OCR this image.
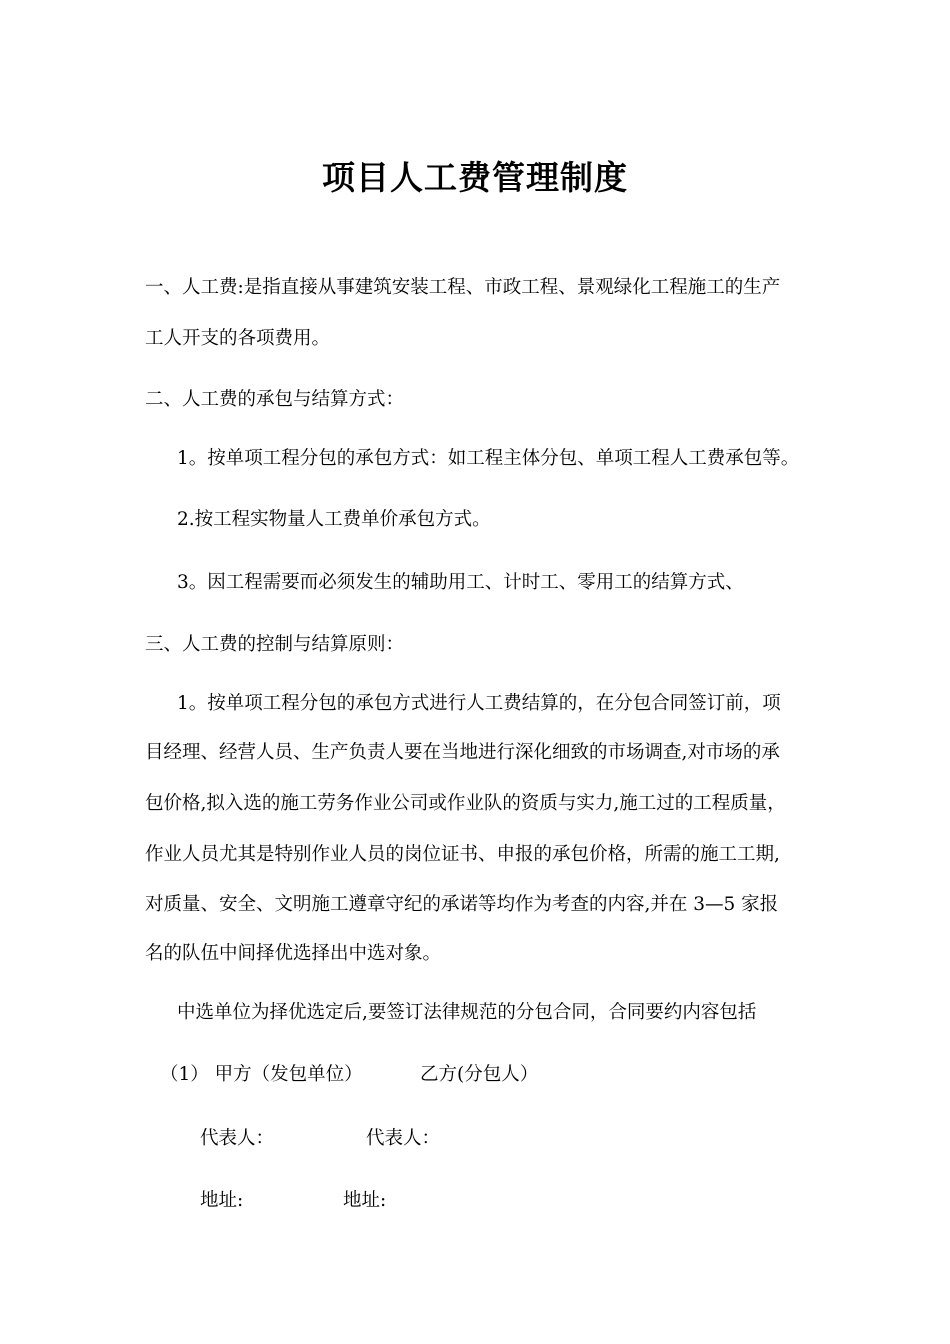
项目人工费管理制度
一、人工费:是指直接从事建筑安装工程、市政工程、景观绿化工程施工的生产
工人开支的各项费用。
二、人工费的承包与结算方式：
1。按单项工程分包的承包方式：如工程主体分包、单项工程人工费承包等。
2.按工程实物量人工费单价承包方式。
3。因工程需要而必须发生的辅助用工、计时工、零用工的结算方式、
三、人工费的控制与结算原则：
1。按单项工程分包的承包方式进行人工费结算的，在分包合同签订前，项
目经理、经营人员、生产负责人要在当地进行深化细致的市场调查,对市场的承
包价格,拟入选的施工劳务作业公司或作业队的资质与实力,施工过的工程质量，
作业人员尤其是特别作业人员的岗位证书、申报的承包价格，所需的施工工期,
对质量、安全、文明施工遵章守纪的承诺等均作为考查的内容,并在 3—5 家报
名的队伍中间择优选择出中选对象。
中选单位为择优选定后,要签订法律规范的分包合同，合同要约内容包括
（1） 甲方（发包单位）	乙方(分包人）
代表人：	代表人：
地址:	地址:
